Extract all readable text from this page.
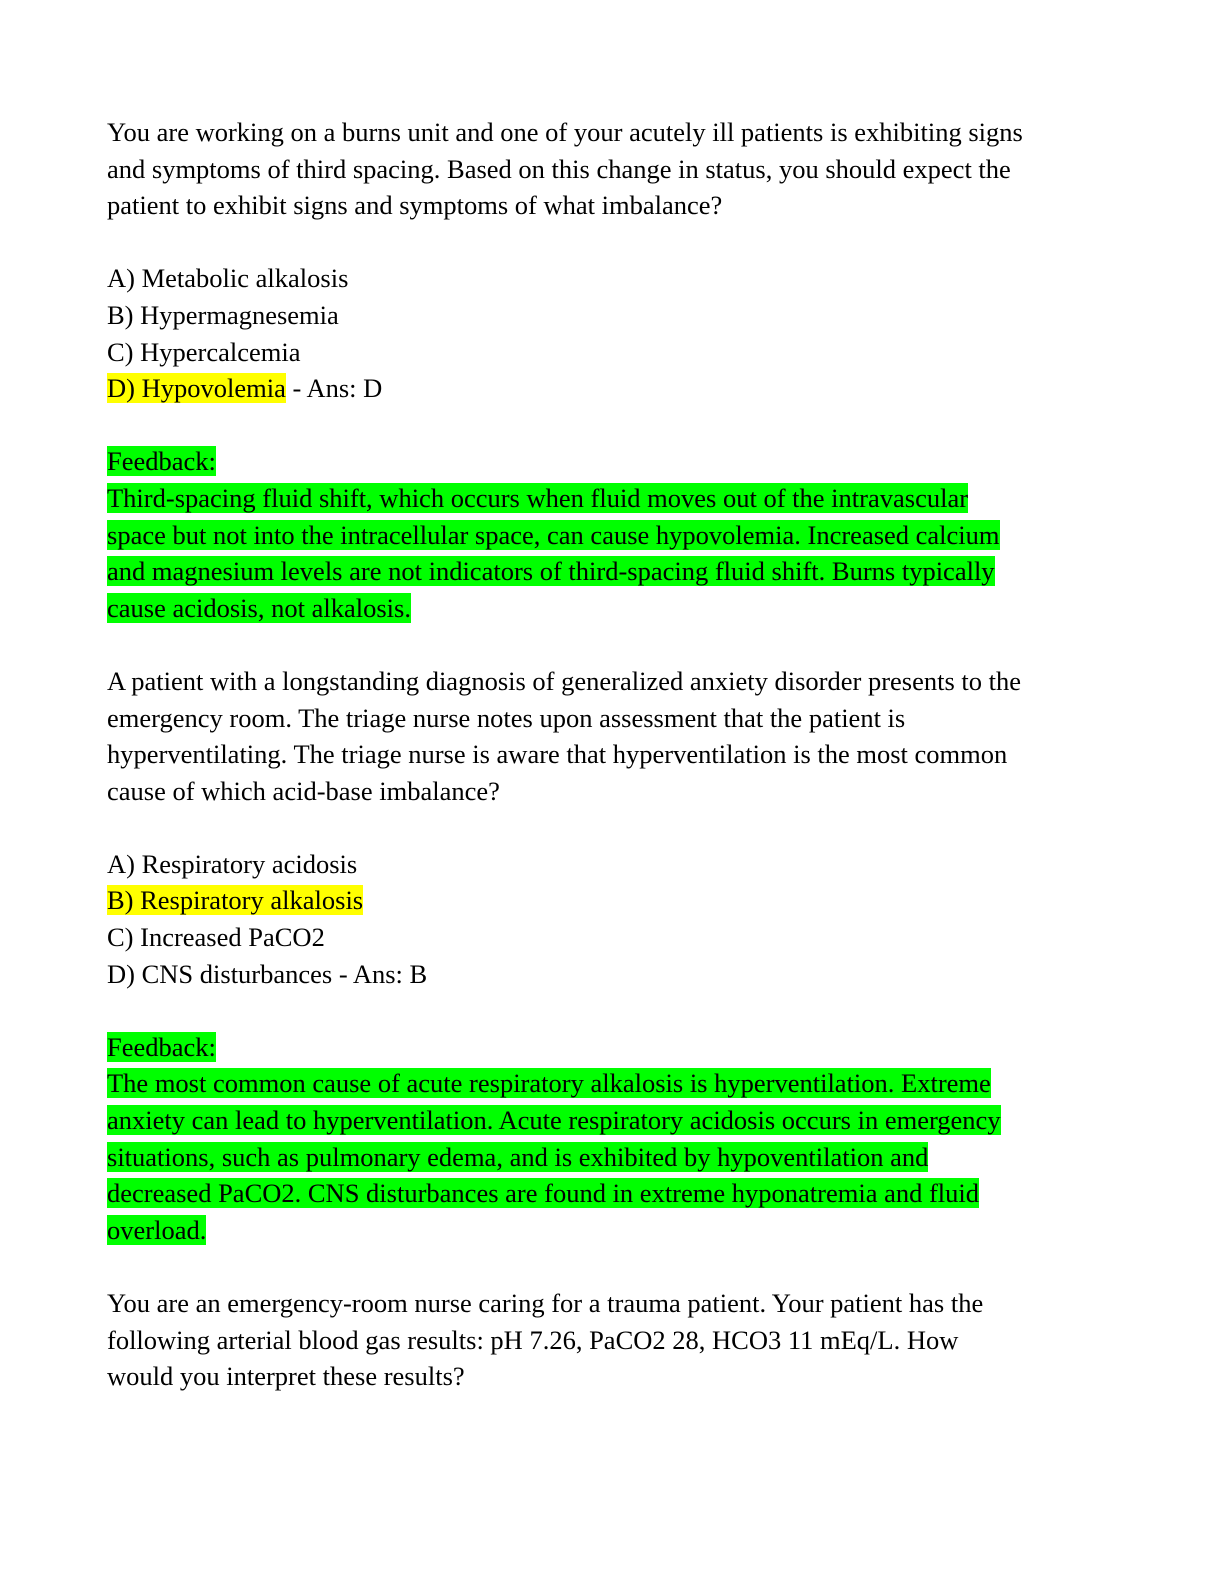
You are working on a burns unit and one of your acutely ill patients is exhibiting signs
and symptoms of third spacing. Based on this change in status, you should expect the
patient to exhibit signs and symptoms of what imbalance?
A) Metabolic alkalosis
B) Hypermagnesemia
C) Hypercalcemia
D) Hypovolemia - Ans: D
Feedback:
Third-spacing fluid shift, which occurs when fluid moves out of the intravascular
space but not into the intracellular space, can cause hypovolemia. Increased calcium
and magnesium levels are not indicators of third-spacing fluid shift. Burns typically
cause acidosis, not alkalosis.
A patient with a longstanding diagnosis of generalized anxiety disorder presents to the
emergency room. The triage nurse notes upon assessment that the patient is
hyperventilating. The triage nurse is aware that hyperventilation is the most common
cause of which acid-base imbalance?
A) Respiratory acidosis
B) Respiratory alkalosis
C) Increased PaCO2
D) CNS disturbances - Ans: B
Feedback:
The most common cause of acute respiratory alkalosis is hyperventilation. Extreme
anxiety can lead to hyperventilation. Acute respiratory acidosis occurs in emergency
situations, such as pulmonary edema, and is exhibited by hypoventilation and
decreased PaCO2. CNS disturbances are found in extreme hyponatremia and fluid
overload.
You are an emergency-room nurse caring for a trauma patient. Your patient has the
following arterial blood gas results: pH 7.26, PaCO2 28, HCO3 11 mEq/L. How
would you interpret these results?
